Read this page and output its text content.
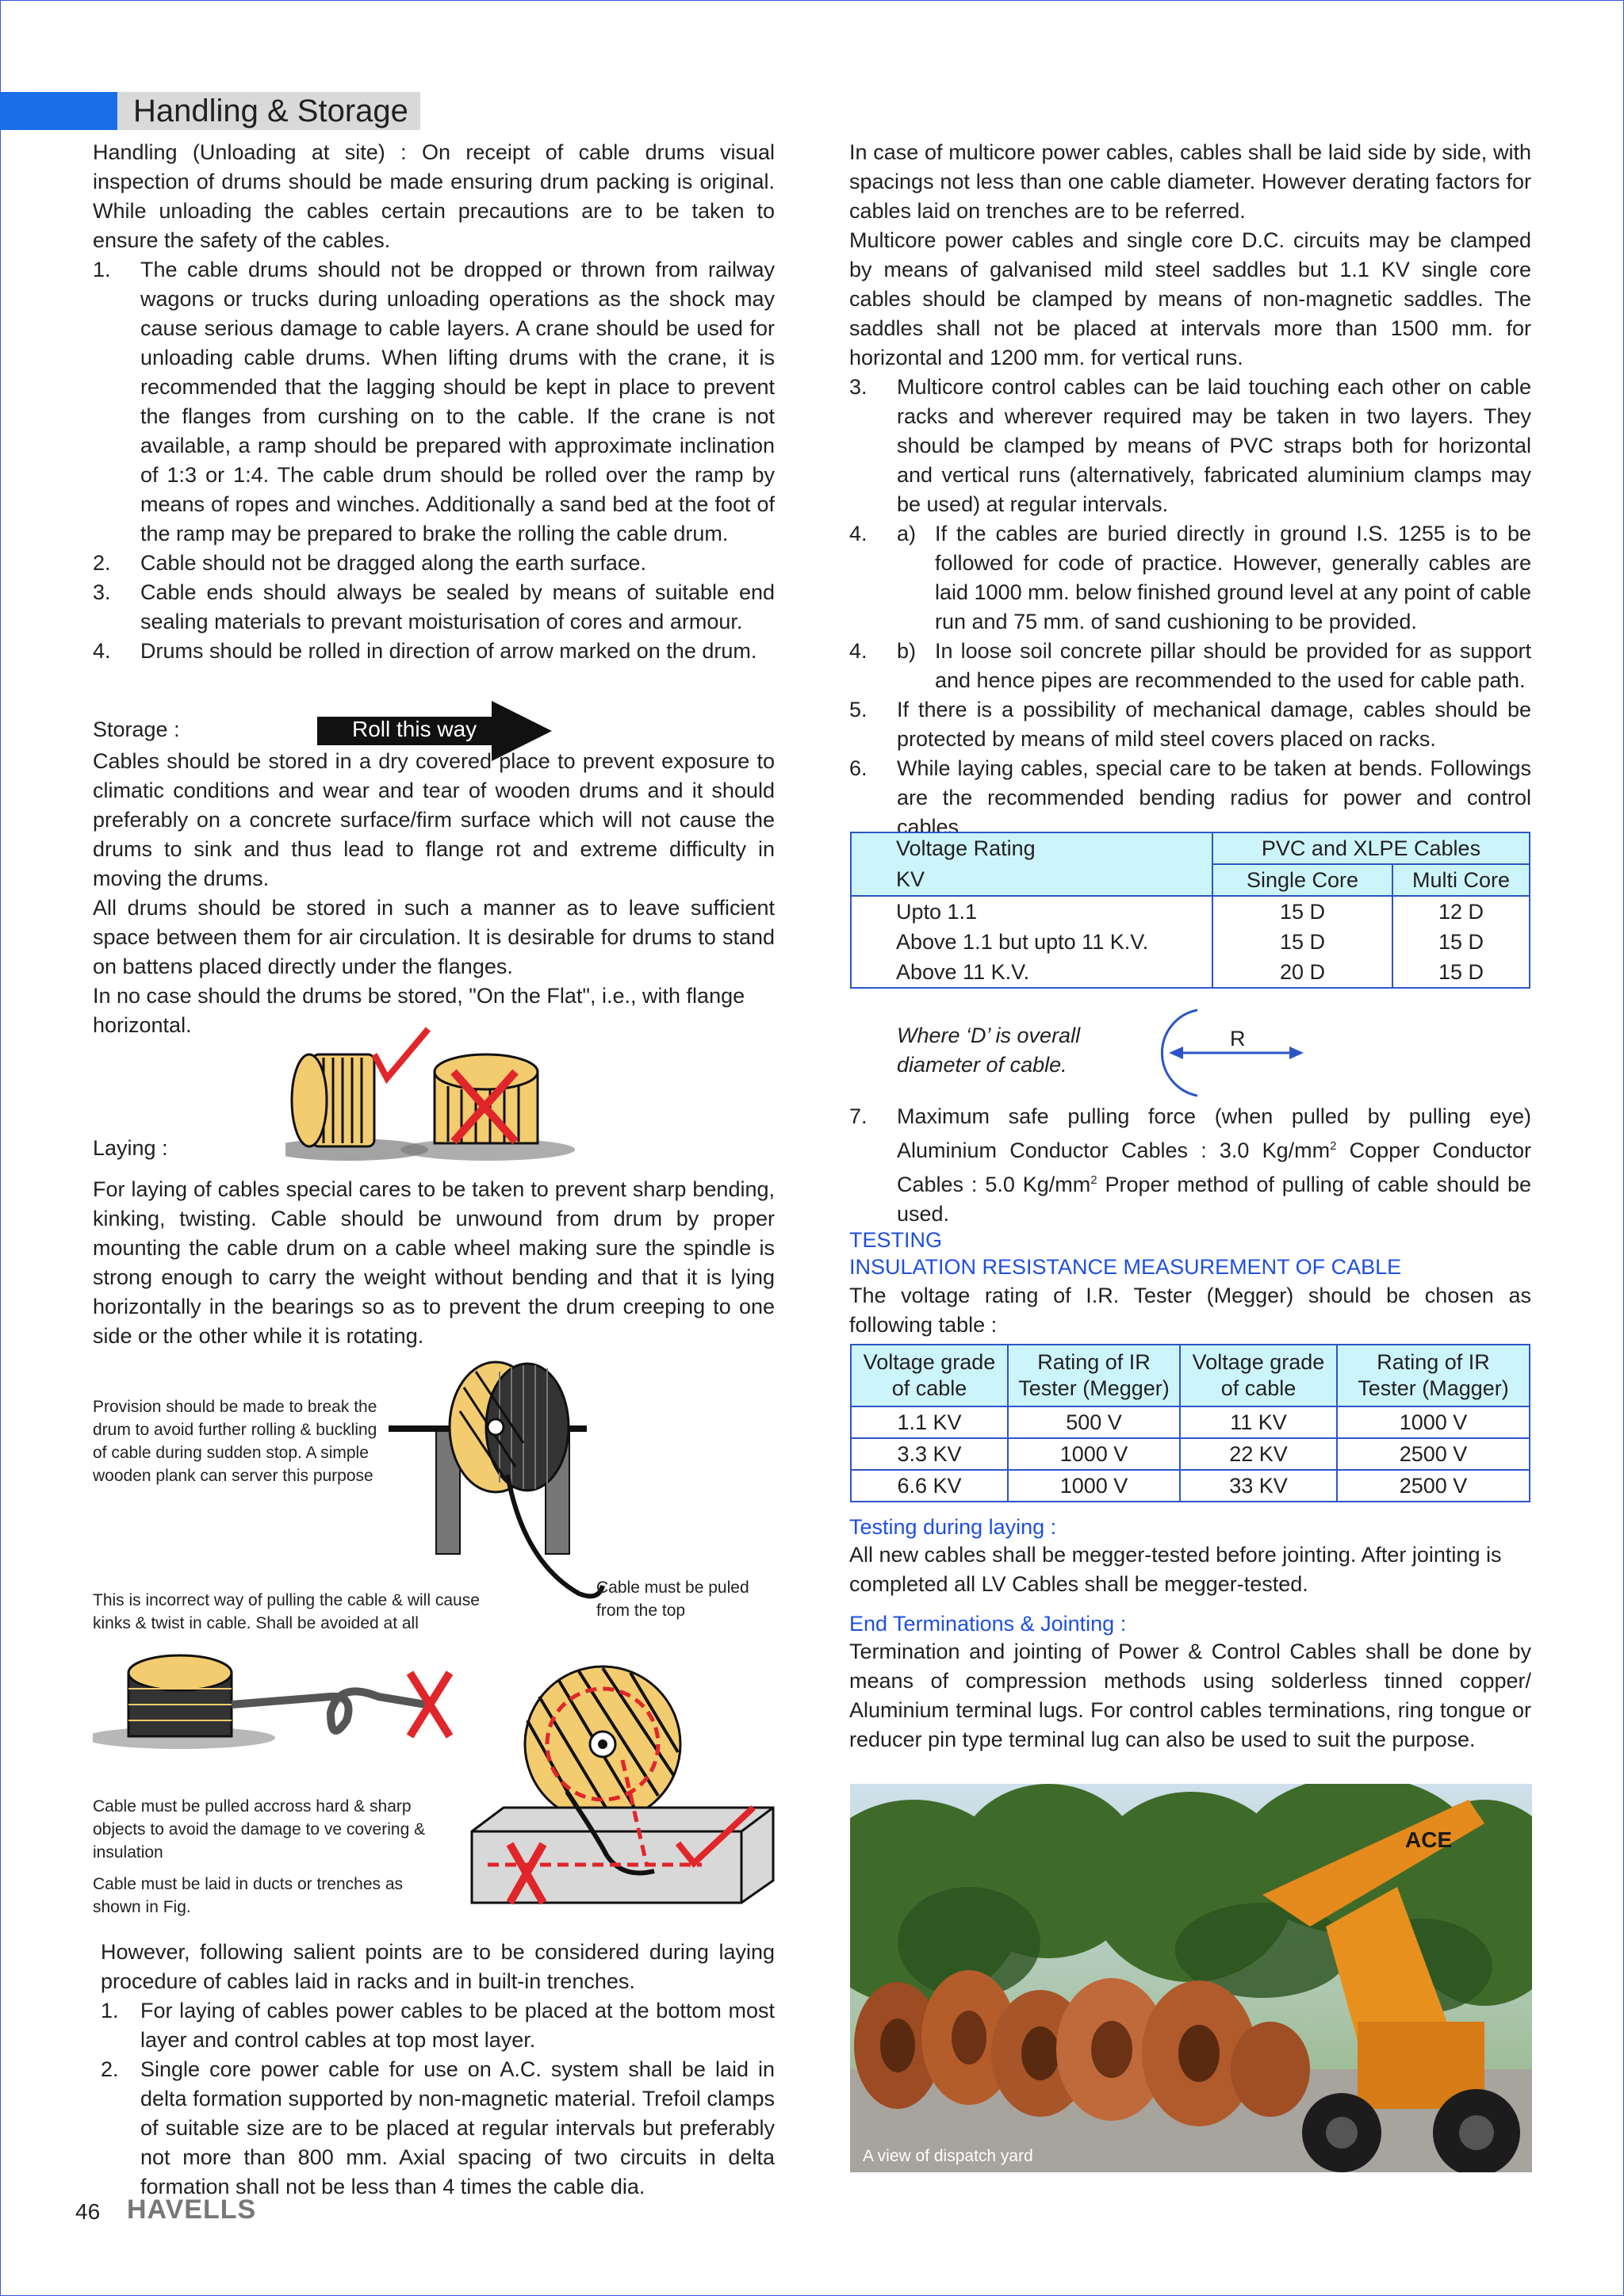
Handling & Storage

Handling (Unloading at site) : On receipt of cable drums visual inspection of drums should be made ensuring drum packing is original. While unloading the cables certain precautions are to be taken to ensure the safety of the cables.

1.	The cable drums should not be dropped or thrown from railway wagons or trucks during unloading operations as the shock may cause serious damage to cable layers. A crane should be used for unloading cable drums. When lifting drums with the crane, it is recommended that the lagging should be kept in place to prevent the flanges from curshing on to the cable. If the crane is not available, a ramp should be prepared with approximate inclination of 1:3 or 1:4. The cable drum should be rolled over the ramp by means of ropes and winches. Additionally a sand bed at the foot of the ramp may be prepared to brake the rolling the cable drum.
2.	Cable should not be dragged along the earth surface.
3.	Cable ends should always be sealed by means of suitable end sealing materials to prevant moisturisation of cores and armour.
4.	Drums should be rolled in direction of arrow marked on the drum.
Storage :	Roll this way

Cables should be stored in a dry covered place to prevent exposure to climatic conditions and wear and tear of wooden drums and it should preferably on a concrete surface/firm surface which will not cause the drums to sink and thus lead to flange rot and extreme difficulty in moving the drums.

All drums should be stored in such a manner as to leave sufficient space between them for air circulation. It is desirable for drums to stand on battens placed directly under the flanges.

In no case should the drums be stored, "On the Flat", i.e., with flange horizontal.

Laying :
For laying of cables special cares to be taken to prevent sharp bending, kinking, twisting. Cable should be unwound from drum by proper mounting the cable drum on a cable wheel making sure the spindle is strong enough to carry the weight without bending and that it is lying horizontally in the bearings so as to prevent the drum creeping to one side or the other while it is rotating.
Provision should be made to break the drum to avoid further rolling & buckling of cable during sudden stop. A simple wooden plank can server this purpose
Cable must be puled from the top
This is incorrect way of pulling the cable & will cause kinks & twist in cable. Shall be avoided at all
Cable must be pulled accross hard & sharp objects to avoid the damage to ve covering & insulation
Cable must be laid in ducts or trenches as shown in Fig.

However, following salient points are to be considered during laying procedure of cables laid in racks and in built-in trenches.

1.	For laying of cables power cables to be placed at the bottom most layer and control cables at top most layer.
2.	Single core power cable for use on A.C. system shall be laid in delta formation supported by non-magnetic material. Trefoil clamps of suitable size are to be placed at regular intervals but preferably not more than 800 mm. Axial spacing of two circuits in delta formation shall not be less than 4 times the cable dia.

In case of multicore power cables, cables shall be laid side by side, with spacings not less than one cable diameter. However derating factors for cables laid on trenches are to be referred.

Multicore power cables and single core D.C. circuits may be clamped by means of galvanised mild steel saddles but 1.1 KV single core cables should be clamped by means of non-magnetic saddles. The saddles shall not be placed at intervals more than 1500 mm. for horizontal and 1200 mm. for vertical runs.

3.	Multicore control cables can be laid touching each other on cable racks and wherever required may be taken in two layers. They should be clamped by means of PVC straps both for horizontal and vertical runs (alternatively, fabricated aluminium clamps may be used) at regular intervals.
4.	a) If the cables are buried directly in ground I.S. 1255 is to be followed for code of practice. However, generally cables are laid 1000 mm. below finished ground level at any point of cable run and 75 mm. of sand cushioning to be provided.
4.	b) In loose soil concrete pillar should be provided for as support and hence pipes are recommended to the used for cable path.
5.	If there is a possibility of mechanical damage, cables should be protected by means of mild steel covers placed on racks.
6.	While laying cables, special care to be taken at bends. Followings are the recommended bending radius for power and control cables.
Voltage Rating	PVC and XLPE Cables	
KV	Single Core	Multi Core
Upto 1.1	15 D	12 D
Above 1.1 but upto 11 K.V.	15 D	15 D
Above 11 K.V.	20 D	15 D
Where ‘D’ is overall diameter of cable.
R
7.	Maximum safe pulling force (when pulled by pulling eye) Aluminium Conductor Cables : 3.0 $Kg/mm^2$ Copper Conductor Cables : 5.0 $Kg/mm^2$ Proper method of pulling of cable should be used.
TESTING
INSULATION RESISTANCE MEASUREMENT OF CABLE
The voltage rating of I.R. Tester (Megger) should be chosen as following table :
Voltage grade of cable	Rating of IR Tester (Megger)	Voltage grade of cable	Rating of IR Tester (Magger)
1.1 KV	500 V	11 KV	1000 V
3.3 KV	1000 V	22 KV	2500 V
6.6 KV	1000 V	33 KV	2500 V
Testing during laying :
All new cables shall be megger-tested before jointing. After jointing is completed all LV Cables shall be megger-tested.
End Terminations & Jointing :
Termination and jointing of Power & Control Cables shall be done by means of compression methods using solderless tinned copper/ Aluminium terminal lugs. For control cables terminations, ring tongue or reducer pin type terminal lug can also be used to suit the purpose.
ACE
A view of dispatch yard
46 HAVELLS
